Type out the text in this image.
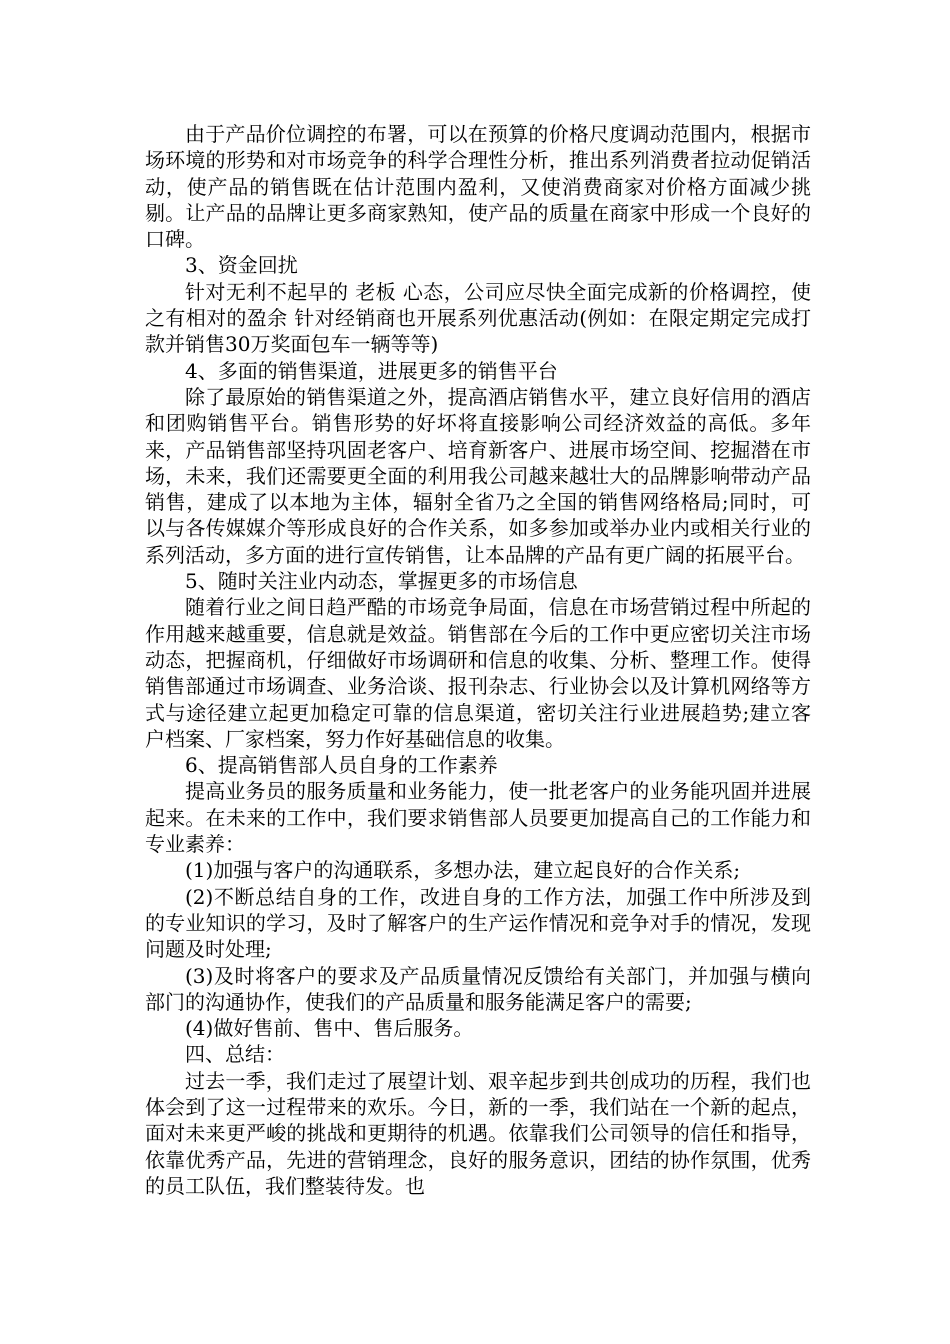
由于产品价位调控的布署，可以在预算的价格尺度调动范围内，根据市场环境的形势和对市场竞争的科学合理性分析，推出系列消费者拉动促销活动，使产品的销售既在估计范围内盈利，又使消费商家对价格方面减少挑剔。让产品的品牌让更多商家熟知，使产品的质量在商家中形成一个良好的口碑。

3、资金回扰

针对无利不起早的 老板 心态，公司应尽快全面完成新的价格调控，使之有相对的盈余 针对经销商也开展系列优惠活动(例如：在限定期定完成打款并销售30万奖面包车一辆等等)

4、多面的销售渠道，进展更多的销售平台

除了最原始的销售渠道之外，提高酒店销售水平，建立良好信用的酒店和团购销售平台。销售形势的好坏将直接影响公司经济效益的高低。多年来，产品销售部坚持巩固老客户、培育新客户、进展市场空间、挖掘潜在市场，未来，我们还需要更全面的利用我公司越来越壮大的品牌影响带动产品销售，建成了以本地为主体，辐射全省乃之全国的销售网络格局;同时，可以与各传媒媒介等形成良好的合作关系，如多参加或举办业内或相关行业的系列活动，多方面的进行宣传销售，让本品牌的产品有更广阔的拓展平台。

5、随时关注业内动态，掌握更多的市场信息

随着行业之间日趋严酷的市场竞争局面，信息在市场营销过程中所起的作用越来越重要，信息就是效益。销售部在今后的工作中更应密切关注市场动态，把握商机，仔细做好市场调研和信息的收集、分析、整理工作。使得销售部通过市场调查、业务洽谈、报刊杂志、行业协会以及计算机网络等方式与途径建立起更加稳定可靠的信息渠道，密切关注行业进展趋势;建立客户档案、厂家档案，努力作好基础信息的收集。

6、提高销售部人员自身的工作素养

提高业务员的服务质量和业务能力，使一批老客户的业务能巩固并进展起来。在未来的工作中，我们要求销售部人员要更加提高自己的工作能力和专业素养：

(1)加强与客户的沟通联系，多想办法，建立起良好的合作关系;

(2)不断总结自身的工作，改进自身的工作方法，加强工作中所涉及到的专业知识的学习，及时了解客户的生产运作情况和竞争对手的情况，发现问题及时处理;

(3)及时将客户的要求及产品质量情况反馈给有关部门，并加强与横向部门的沟通协作，使我们的产品质量和服务能满足客户的需要;

(4)做好售前、售中、售后服务。

四、总结：

过去一季，我们走过了展望计划、艰辛起步到共创成功的历程，我们也体会到了这一过程带来的欢乐。今日，新的一季，我们站在一个新的起点，面对未来更严峻的挑战和更期待的机遇。依靠我们公司领导的信任和指导，依靠优秀产品，先进的营销理念，良好的服务意识，团结的协作氛围，优秀的员工队伍，我们整装待发。也
